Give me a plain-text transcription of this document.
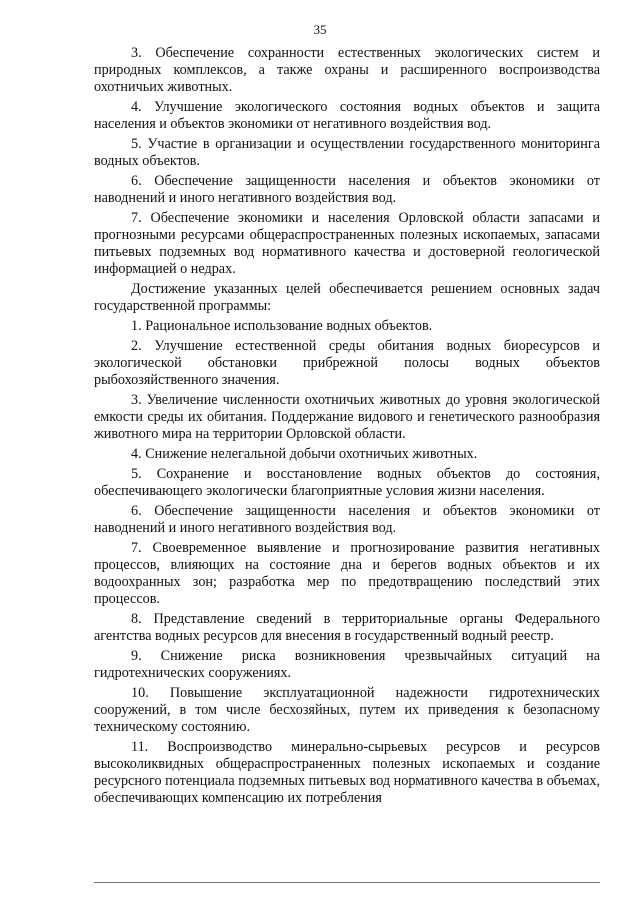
35

3. Обеспечение сохранности естественных экологических систем и природных комплексов, а также охраны и расширенного воспроизводства охотничьих животных.

4. Улучшение экологического состояния водных объектов и защита населения и объектов экономики от негативного воздействия вод.

5. Участие в организации и осуществлении государственного мониторинга водных объектов.

6. Обеспечение защищенности населения и объектов экономики от наводнений и иного негативного воздействия вод.

7. Обеспечение экономики и населения Орловской области запасами и прогнозными ресурсами общераспространенных полезных ископаемых, запасами питьевых подземных вод нормативного качества и достоверной геологической информацией о недрах.

Достижение указанных целей обеспечивается решением основных задач государственной программы:

1. Рациональное использование водных объектов.

2. Улучшение естественной среды обитания водных биоресурсов и экологической обстановки прибрежной полосы водных объектов рыбохозяйственного значения.

3. Увеличение численности охотничьих животных до уровня экологической емкости среды их обитания. Поддержание видового и генетического разнообразия животного мира на территории Орловской области.

4. Снижение нелегальной добычи охотничьих животных.

5. Сохранение и восстановление водных объектов до состояния, обеспечивающего экологически благоприятные условия жизни населения.

6. Обеспечение защищенности населения и объектов экономики от наводнений и иного негативного воздействия вод.

7. Своевременное выявление и прогнозирование развития негативных процессов, влияющих на состояние дна и берегов водных объектов и их водоохранных зон; разработка мер по предотвращению последствий этих процессов.

8. Представление сведений в территориальные органы Федерального агентства водных ресурсов для внесения в государственный водный реестр.

9. Снижение риска возникновения чрезвычайных ситуаций на гидротехнических сооружениях.

10. Повышение эксплуатационной надежности гидротехнических сооружений, в том числе бесхозяйных, путем их приведения к безопасному техническому состоянию.

11. Воспроизводство минерально-сырьевых ресурсов и ресурсов высоколиквидных общераспространенных полезных ископаемых и создание ресурсного потенциала подземных питьевых вод нормативного качества в объемах, обеспечивающих компенсацию их потребления
